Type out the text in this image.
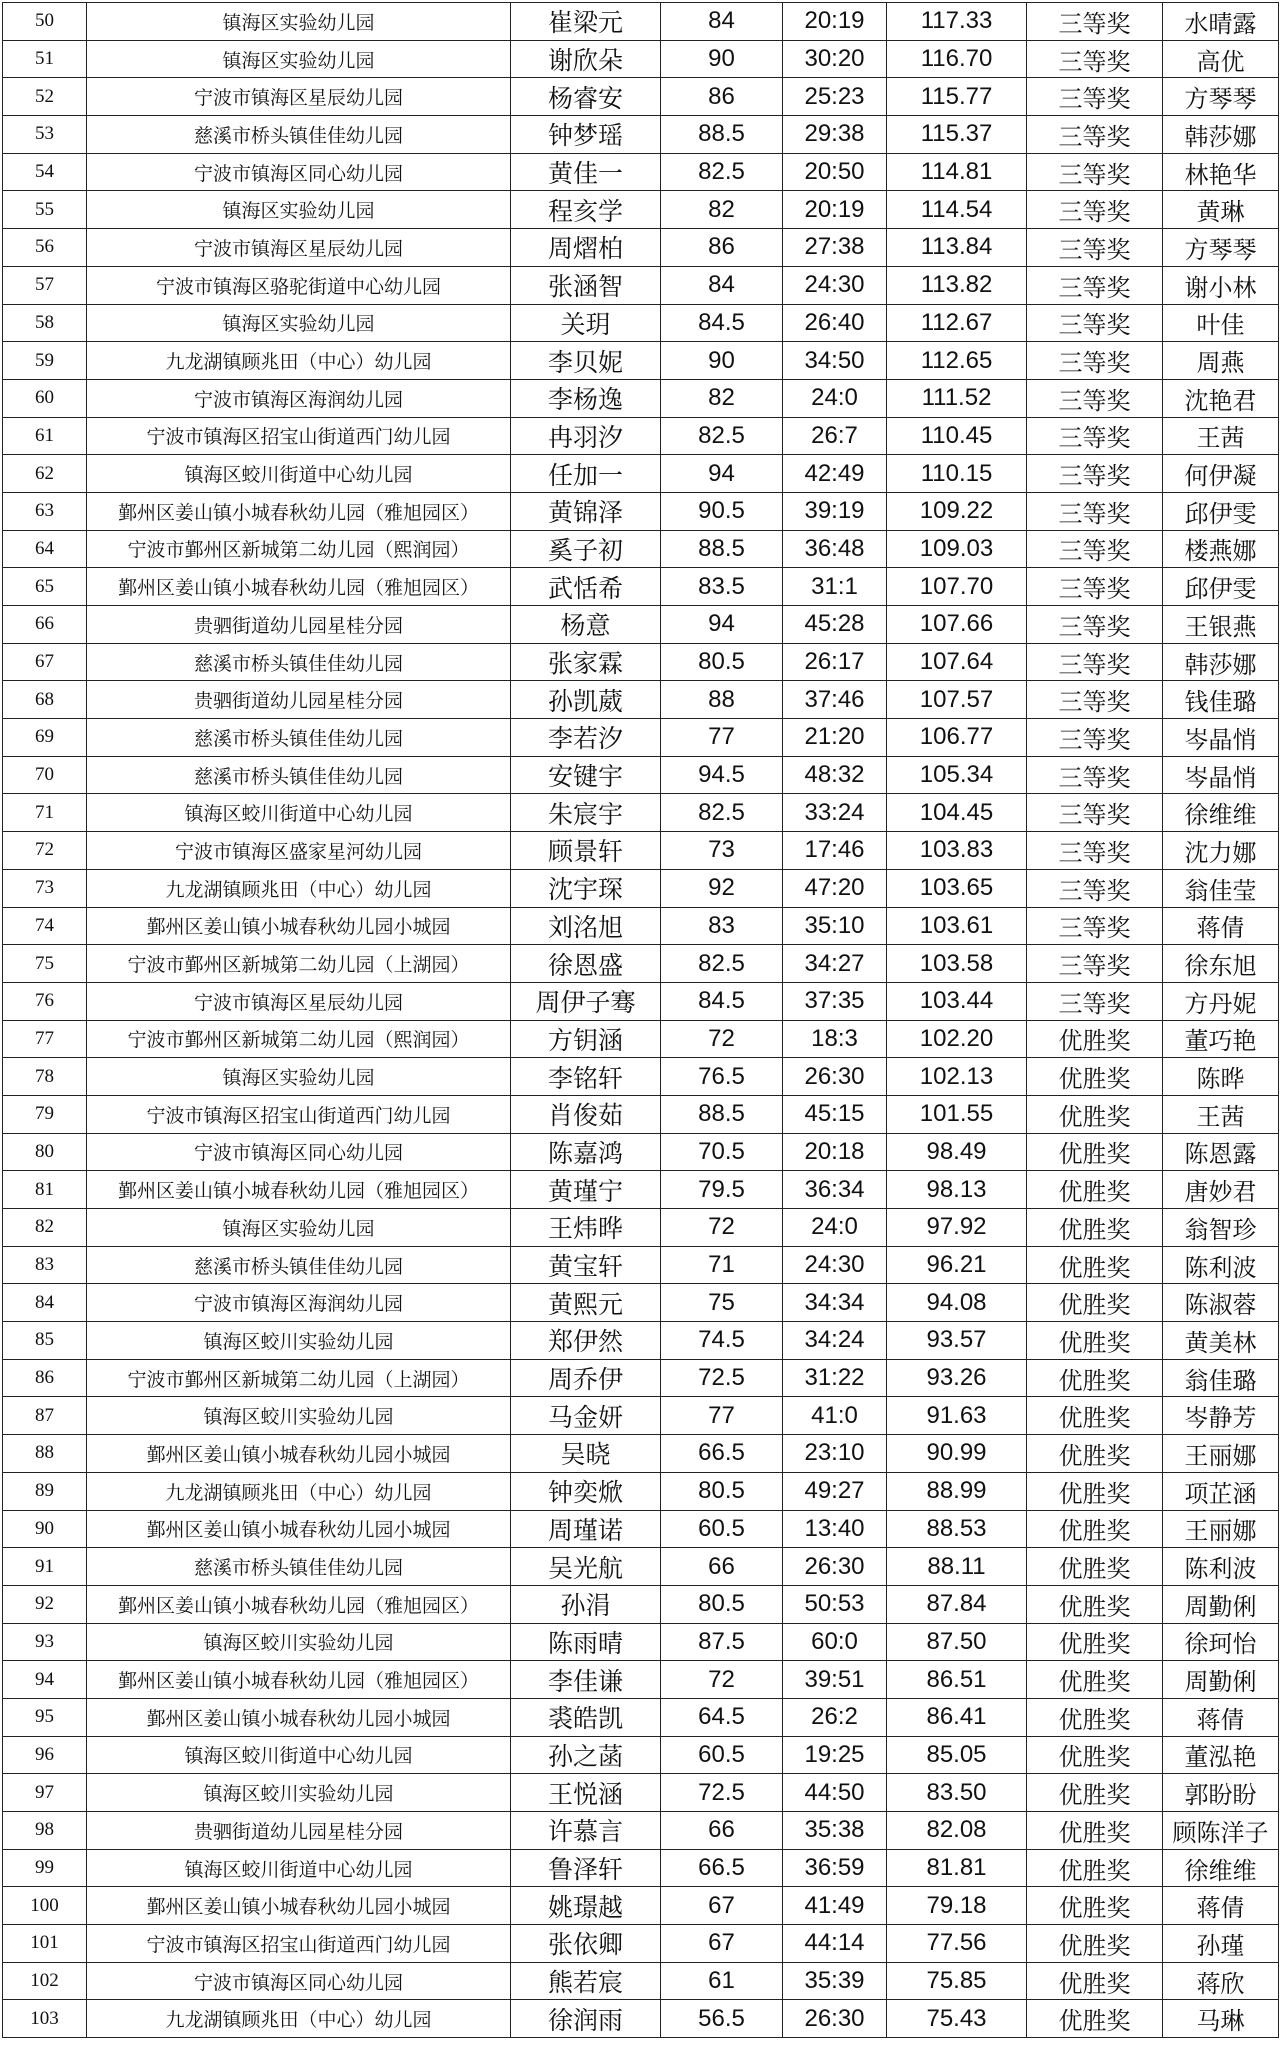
50	镇海区实验幼儿园	崔梁元	84	20:19	117.33	三等奖	水晴露
51	镇海区实验幼儿园	谢欣朵	90	30:20	116.70	三等奖	高优
52	宁波市镇海区星辰幼儿园	杨睿安	86	25:23	115.77	三等奖	方琴琴
53	慈溪市桥头镇佳佳幼儿园	钟梦瑶	88.5	29:38	115.37	三等奖	韩莎娜
54	宁波市镇海区同心幼儿园	黄佳一	82.5	20:50	114.81	三等奖	林艳华
55	镇海区实验幼儿园	程亥学	82	20:19	114.54	三等奖	黄琳
56	宁波市镇海区星辰幼儿园	周熠柏	86	27:38	113.84	三等奖	方琴琴
57	宁波市镇海区骆驼街道中心幼儿园	张涵智	84	24:30	113.82	三等奖	谢小林
58	镇海区实验幼儿园	关玥	84.5	26:40	112.67	三等奖	叶佳
59	九龙湖镇顾兆田（中心）幼儿园	李贝妮	90	34:50	112.65	三等奖	周燕
60	宁波市镇海区海润幼儿园	李杨逸	82	24:0	111.52	三等奖	沈艳君
61	宁波市镇海区招宝山街道西门幼儿园	冉羽汐	82.5	26:7	110.45	三等奖	王茜
62	镇海区蛟川街道中心幼儿园	任加一	94	42:49	110.15	三等奖	何伊凝
63	鄞州区姜山镇小城春秋幼儿园（雅旭园区）	黄锦泽	90.5	39:19	109.22	三等奖	邱伊雯
64	宁波市鄞州区新城第二幼儿园（熙润园）	奚子初	88.5	36:48	109.03	三等奖	楼燕娜
65	鄞州区姜山镇小城春秋幼儿园（雅旭园区）	武恬希	83.5	31:1	107.70	三等奖	邱伊雯
66	贵驷街道幼儿园星桂分园	杨意	94	45:28	107.66	三等奖	王银燕
67	慈溪市桥头镇佳佳幼儿园	张家霖	80.5	26:17	107.64	三等奖	韩莎娜
68	贵驷街道幼儿园星桂分园	孙凯葳	88	37:46	107.57	三等奖	钱佳璐
69	慈溪市桥头镇佳佳幼儿园	李若汐	77	21:20	106.77	三等奖	岑晶悄
70	慈溪市桥头镇佳佳幼儿园	安键宇	94.5	48:32	105.34	三等奖	岑晶悄
71	镇海区蛟川街道中心幼儿园	朱宸宇	82.5	33:24	104.45	三等奖	徐维维
72	宁波市镇海区盛家星河幼儿园	顾景轩	73	17:46	103.83	三等奖	沈力娜
73	九龙湖镇顾兆田（中心）幼儿园	沈宇琛	92	47:20	103.65	三等奖	翁佳莹
74	鄞州区姜山镇小城春秋幼儿园小城园	刘洺旭	83	35:10	103.61	三等奖	蒋倩
75	宁波市鄞州区新城第二幼儿园（上湖园）	徐恩盛	82.5	34:27	103.58	三等奖	徐东旭
76	宁波市镇海区星辰幼儿园	周伊子骞	84.5	37:35	103.44	三等奖	方丹妮
77	宁波市鄞州区新城第二幼儿园（熙润园）	方钥涵	72	18:3	102.20	优胜奖	董巧艳
78	镇海区实验幼儿园	李铭轩	76.5	26:30	102.13	优胜奖	陈晔
79	宁波市镇海区招宝山街道西门幼儿园	肖俊茹	88.5	45:15	101.55	优胜奖	王茜
80	宁波市镇海区同心幼儿园	陈嘉鸿	70.5	20:18	98.49	优胜奖	陈恩露
81	鄞州区姜山镇小城春秋幼儿园（雅旭园区）	黄瑾宁	79.5	36:34	98.13	优胜奖	唐妙君
82	镇海区实验幼儿园	王炜晔	72	24:0	97.92	优胜奖	翁智珍
83	慈溪市桥头镇佳佳幼儿园	黄宝轩	71	24:30	96.21	优胜奖	陈利波
84	宁波市镇海区海润幼儿园	黄熙元	75	34:34	94.08	优胜奖	陈淑蓉
85	镇海区蛟川实验幼儿园	郑伊然	74.5	34:24	93.57	优胜奖	黄美林
86	宁波市鄞州区新城第二幼儿园（上湖园）	周乔伊	72.5	31:22	93.26	优胜奖	翁佳璐
87	镇海区蛟川实验幼儿园	马金妍	77	41:0	91.63	优胜奖	岑静芳
88	鄞州区姜山镇小城春秋幼儿园小城园	吴晓	66.5	23:10	90.99	优胜奖	王丽娜
89	九龙湖镇顾兆田（中心）幼儿园	钟奕焮	80.5	49:27	88.99	优胜奖	项芷涵
90	鄞州区姜山镇小城春秋幼儿园小城园	周瑾诺	60.5	13:40	88.53	优胜奖	王丽娜
91	慈溪市桥头镇佳佳幼儿园	吴光航	66	26:30	88.11	优胜奖	陈利波
92	鄞州区姜山镇小城春秋幼儿园（雅旭园区）	孙涓	80.5	50:53	87.84	优胜奖	周勤俐
93	镇海区蛟川实验幼儿园	陈雨晴	87.5	60:0	87.50	优胜奖	徐珂怡
94	鄞州区姜山镇小城春秋幼儿园（雅旭园区）	李佳谦	72	39:51	86.51	优胜奖	周勤俐
95	鄞州区姜山镇小城春秋幼儿园小城园	裘皓凯	64.5	26:2	86.41	优胜奖	蒋倩
96	镇海区蛟川街道中心幼儿园	孙之菡	60.5	19:25	85.05	优胜奖	董泓艳
97	镇海区蛟川实验幼儿园	王悦涵	72.5	44:50	83.50	优胜奖	郭盼盼
98	贵驷街道幼儿园星桂分园	许慕言	66	35:38	82.08	优胜奖	顾陈洋子
99	镇海区蛟川街道中心幼儿园	鲁泽轩	66.5	36:59	81.81	优胜奖	徐维维
100	鄞州区姜山镇小城春秋幼儿园小城园	姚璟越	67	41:49	79.18	优胜奖	蒋倩
101	宁波市镇海区招宝山街道西门幼儿园	张依卿	67	44:14	77.56	优胜奖	孙瑾
102	宁波市镇海区同心幼儿园	熊若宸	61	35:39	75.85	优胜奖	蒋欣
103	九龙湖镇顾兆田（中心）幼儿园	徐润雨	56.5	26:30	75.43	优胜奖	马琳
